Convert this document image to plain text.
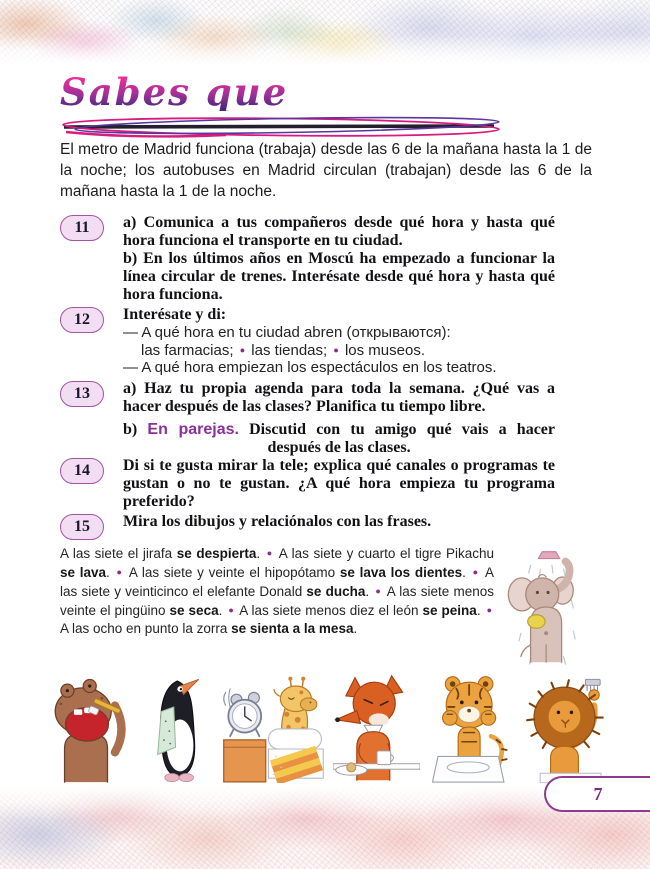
Sabes que

El metro de Madrid funciona (trabaja) desde las 6 de la mañana hasta la 1 de la noche; los autobuses en Madrid circulan (trabajan) desde las 6 de la mañana hasta la 1 de la noche.

11	a) Comunica a tus compañeros desde qué hora y hasta qué hora funciona el transporte en tu ciudad.

b) En los últimos años en Moscú ha empezado a funcionar la línea circular de trenes. Interésate desde qué hora y hasta qué hora funciona.

12	Interésate y di:

— A qué hora en tu ciudad abren (открываются):

las farmacias; ● las tiendas; ● los museos.

— A qué hora empiezan los espectáculos en los teatros.

13	a) Haz tu propia agenda para toda la semana. ¿Qué vas a hacer después de las clases? Planifica tu tiempo libre.

b) En parejas. Discutid con tu amigo qué vais a hacer

después de las clases.

14	Di si te gusta mirar la tele; explica qué canales o programas te gustan o no te gustan. ¿A qué hora empieza tu programa preferido?

15	Mira los dibujos y relaciónalos con las frases.

A las siete el jirafa se despierta. ● A las siete y cuarto el tigre Pikachu se lava. ● A las siete y veinte el hipopótamo se lava los dientes. ● A las siete y veinticinco el elefante Donald se ducha. ● A las siete menos veinte el pingüino se seca. ● A las siete menos diez el león se peina. ● A las ocho en punto la zorra se sienta a la mesa.

7
